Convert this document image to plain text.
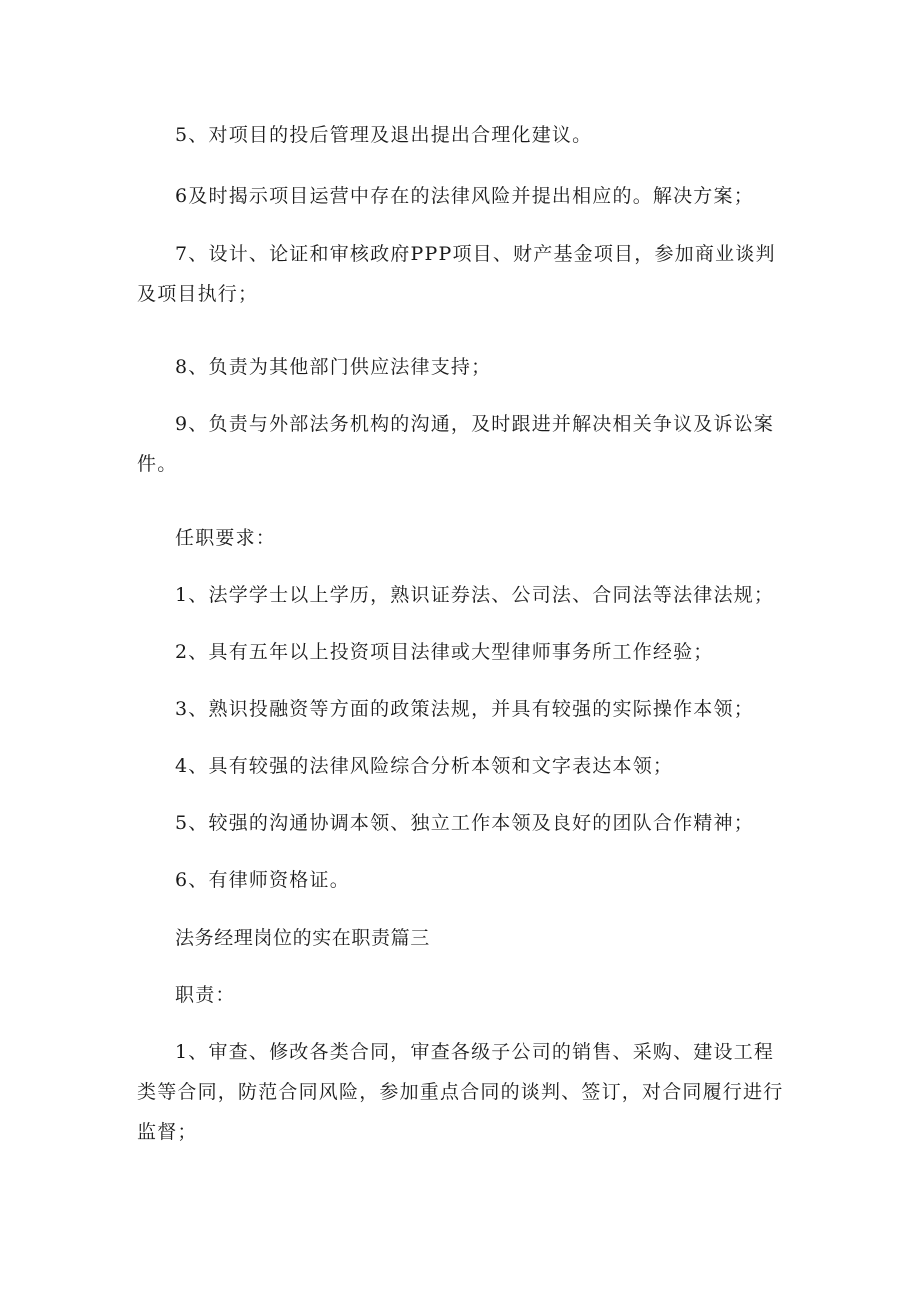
5、对项目的投后管理及退出提出合理化建议。

6及时揭示项目运营中存在的法律风险并提出相应的。解决方案；

7、设计、论证和审核政府PPP项目、财产基金项目，参加商业谈判及项目执行；

8、负责为其他部门供应法律支持；

9、负责与外部法务机构的沟通，及时跟进并解决相关争议及诉讼案件。

任职要求：

1、法学学士以上学历，熟识证券法、公司法、合同法等法律法规；

2、具有五年以上投资项目法律或大型律师事务所工作经验；

3、熟识投融资等方面的政策法规，并具有较强的实际操作本领；

4、具有较强的法律风险综合分析本领和文字表达本领；

5、较强的沟通协调本领、独立工作本领及良好的团队合作精神；

6、有律师资格证。

法务经理岗位的实在职责篇三

职责：

1、审查、修改各类合同，审查各级子公司的销售、采购、建设工程类等合同，防范合同风险，参加重点合同的谈判、签订，对合同履行进行监督；
